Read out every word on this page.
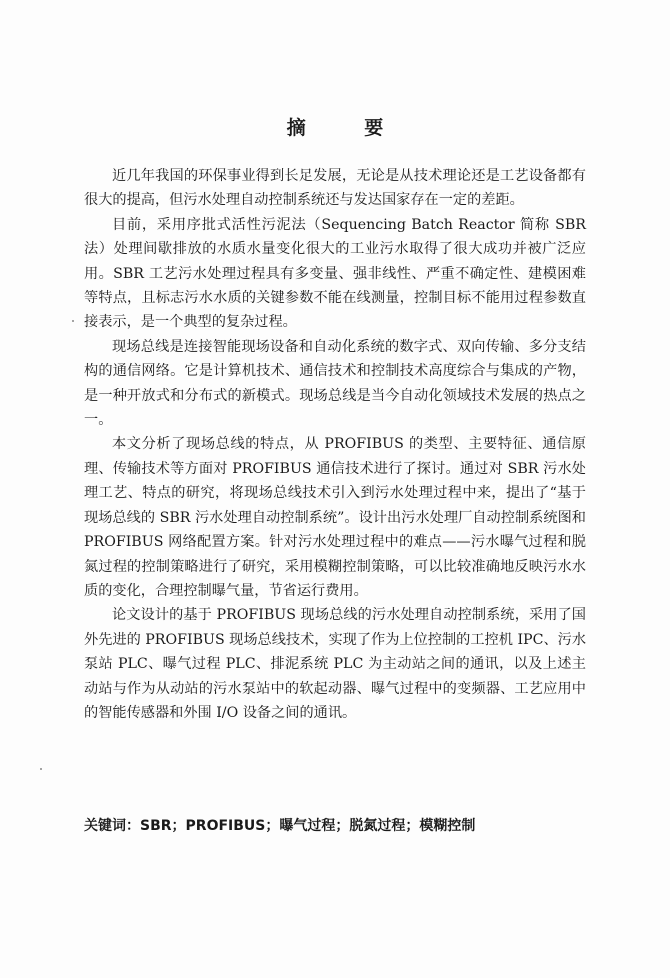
摘 要

近几年我国的环保事业得到长足发展，无论是从技术理论还是工艺设备都有很大的提高，但污水处理自动控制系统还与发达国家存在一定的差距。

目前，采用序批式活性污泥法（Sequencing Batch Reactor 简称 SBR 法）处理间歇排放的水质水量变化很大的工业污水取得了很大成功并被广泛应用。SBR 工艺污水处理过程具有多变量、强非线性、严重不确定性、建模困难等特点，且标志污水水质的关键参数不能在线测量，控制目标不能用过程参数直接表示，是一个典型的复杂过程。

现场总线是连接智能现场设备和自动化系统的数字式、双向传输、多分支结构的通信网络。它是计算机技术、通信技术和控制技术高度综合与集成的产物，是一种开放式和分布式的新模式。现场总线是当今自动化领域技术发展的热点之一。

本文分析了现场总线的特点，从 PROFIBUS 的类型、主要特征、通信原理、传输技术等方面对 PROFIBUS 通信技术进行了探讨。通过对 SBR 污水处理工艺、特点的研究，将现场总线技术引入到污水处理过程中来，提出了“基于现场总线的 SBR 污水处理自动控制系统”。设计出污水处理厂自动控制系统图和 PROFIBUS 网络配置方案。针对污水处理过程中的难点——污水曝气过程和脱氮过程的控制策略进行了研究，采用模糊控制策略，可以比较准确地反映污水水质的变化，合理控制曝气量，节省运行费用。

论文设计的基于 PROFIBUS 现场总线的污水处理自动控制系统，采用了国外先进的 PROFIBUS 现场总线技术，实现了作为上位控制的工控机 IPC、污水泵站 PLC、曝气过程 PLC、排泥系统 PLC 为主动站之间的通讯，以及上述主动站与作为从动站的污水泵站中的软起动器、曝气过程中的变频器、工艺应用中的智能传感器和外围 I/O 设备之间的通讯。

关键词：SBR；PROFIBUS；曝气过程；脱氮过程；模糊控制
